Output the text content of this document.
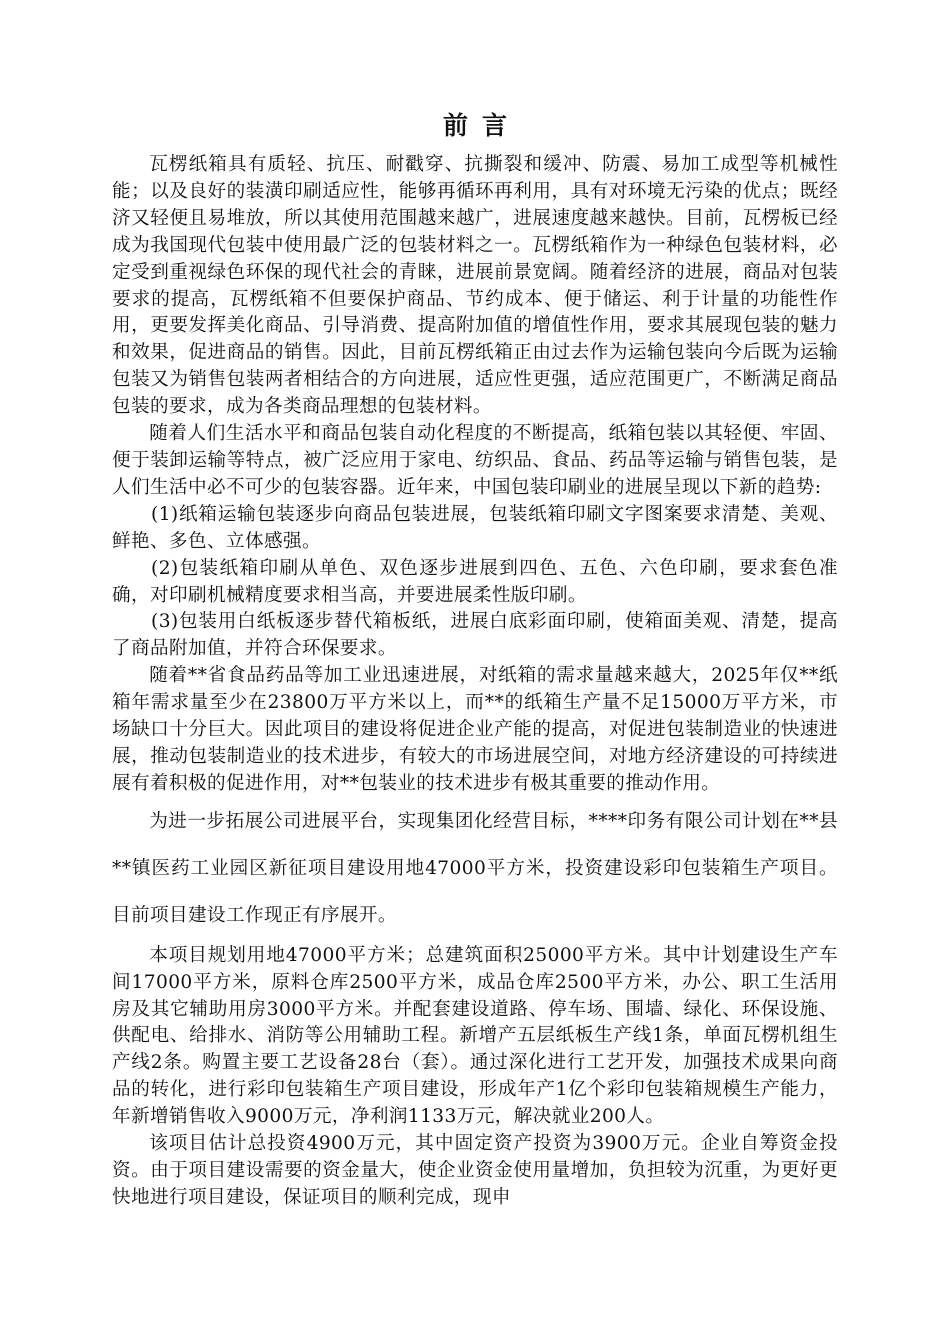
前言

瓦楞纸箱具有质轻、抗压、耐戳穿、抗撕裂和缓冲、防震、易加工成型等机械性能；以及良好的装潢印刷适应性，能够再循环再利用，具有对环境无污染的优点；既经济又轻便且易堆放，所以其使用范围越来越广，进展速度越来越快。目前，瓦楞板已经成为我国现代包装中使用最广泛的包装材料之一。瓦楞纸箱作为一种绿色包装材料，必定受到重视绿色环保的现代社会的青睐，进展前景宽阔。随着经济的进展，商品对包装要求的提高，瓦楞纸箱不但要保护商品、节约成本、便于储运、利于计量的功能性作用，更要发挥美化商品、引导消费、提高附加值的增值性作用，要求其展现包装的魅力和效果，促进商品的销售。因此，目前瓦楞纸箱正由过去作为运输包装向今后既为运输包装又为销售包装两者相结合的方向进展，适应性更强，适应范围更广，不断满足商品包装的要求，成为各类商品理想的包装材料。

随着人们生活水平和商品包装自动化程度的不断提高，纸箱包装以其轻便、牢固、便于装卸运输等特点，被广泛应用于家电、纺织品、食品、药品等运输与销售包装，是人们生活中必不可少的包装容器。近年来，中国包装印刷业的进展呈现以下新的趋势:

(1)纸箱运输包装逐步向商品包装进展，包装纸箱印刷文字图案要求清楚、美观、鲜艳、多色、立体感强。

(2)包装纸箱印刷从单色、双色逐步进展到四色、五色、六色印刷，要求套色准确，对印刷机械精度要求相当高，并要进展柔性版印刷。

(3)包装用白纸板逐步替代箱板纸，进展白底彩面印刷，使箱面美观、清楚，提高了商品附加值，并符合环保要求。

随着**省食品药品等加工业迅速进展，对纸箱的需求量越来越大，2025年仅**纸箱年需求量至少在23800万平方米以上，而**的纸箱生产量不足15000万平方米，市场缺口十分巨大。因此项目的建设将促进企业产能的提高，对促进包装制造业的快速进展，推动包装制造业的技术进步，有较大的市场进展空间，对地方经济建设的可持续进展有着积极的促进作用，对**包装业的技术进步有极其重要的推动作用。

为进一步拓展公司进展平台，实现集团化经营目标，****印务有限公司计划在**县**镇医药工业园区新征项目建设用地47000平方米，投资建设彩印包装箱生产项目。目前项目建设工作现正有序展开。

本项目规划用地47000平方米；总建筑面积25000平方米。其中计划建设生产车间17000平方米，原料仓库2500平方米，成品仓库2500平方米，办公、职工生活用房及其它辅助用房3000平方米。并配套建设道路、停车场、围墙、绿化、环保设施、供配电、给排水、消防等公用辅助工程。新增产五层纸板生产线1条，单面瓦楞机组生产线2条。购置主要工艺设备28台（套）。通过深化进行工艺开发，加强技术成果向商品的转化，进行彩印包装箱生产项目建设，形成年产1亿个彩印包装箱规模生产能力，年新增销售收入9000万元，净利润1133万元，解决就业200人。

该项目估计总投资4900万元，其中固定资产投资为3900万元。企业自筹资金投资。由于项目建设需要的资金量大，使企业资金使用量增加，负担较为沉重，为更好更快地进行项目建设，保证项目的顺利完成，现申
